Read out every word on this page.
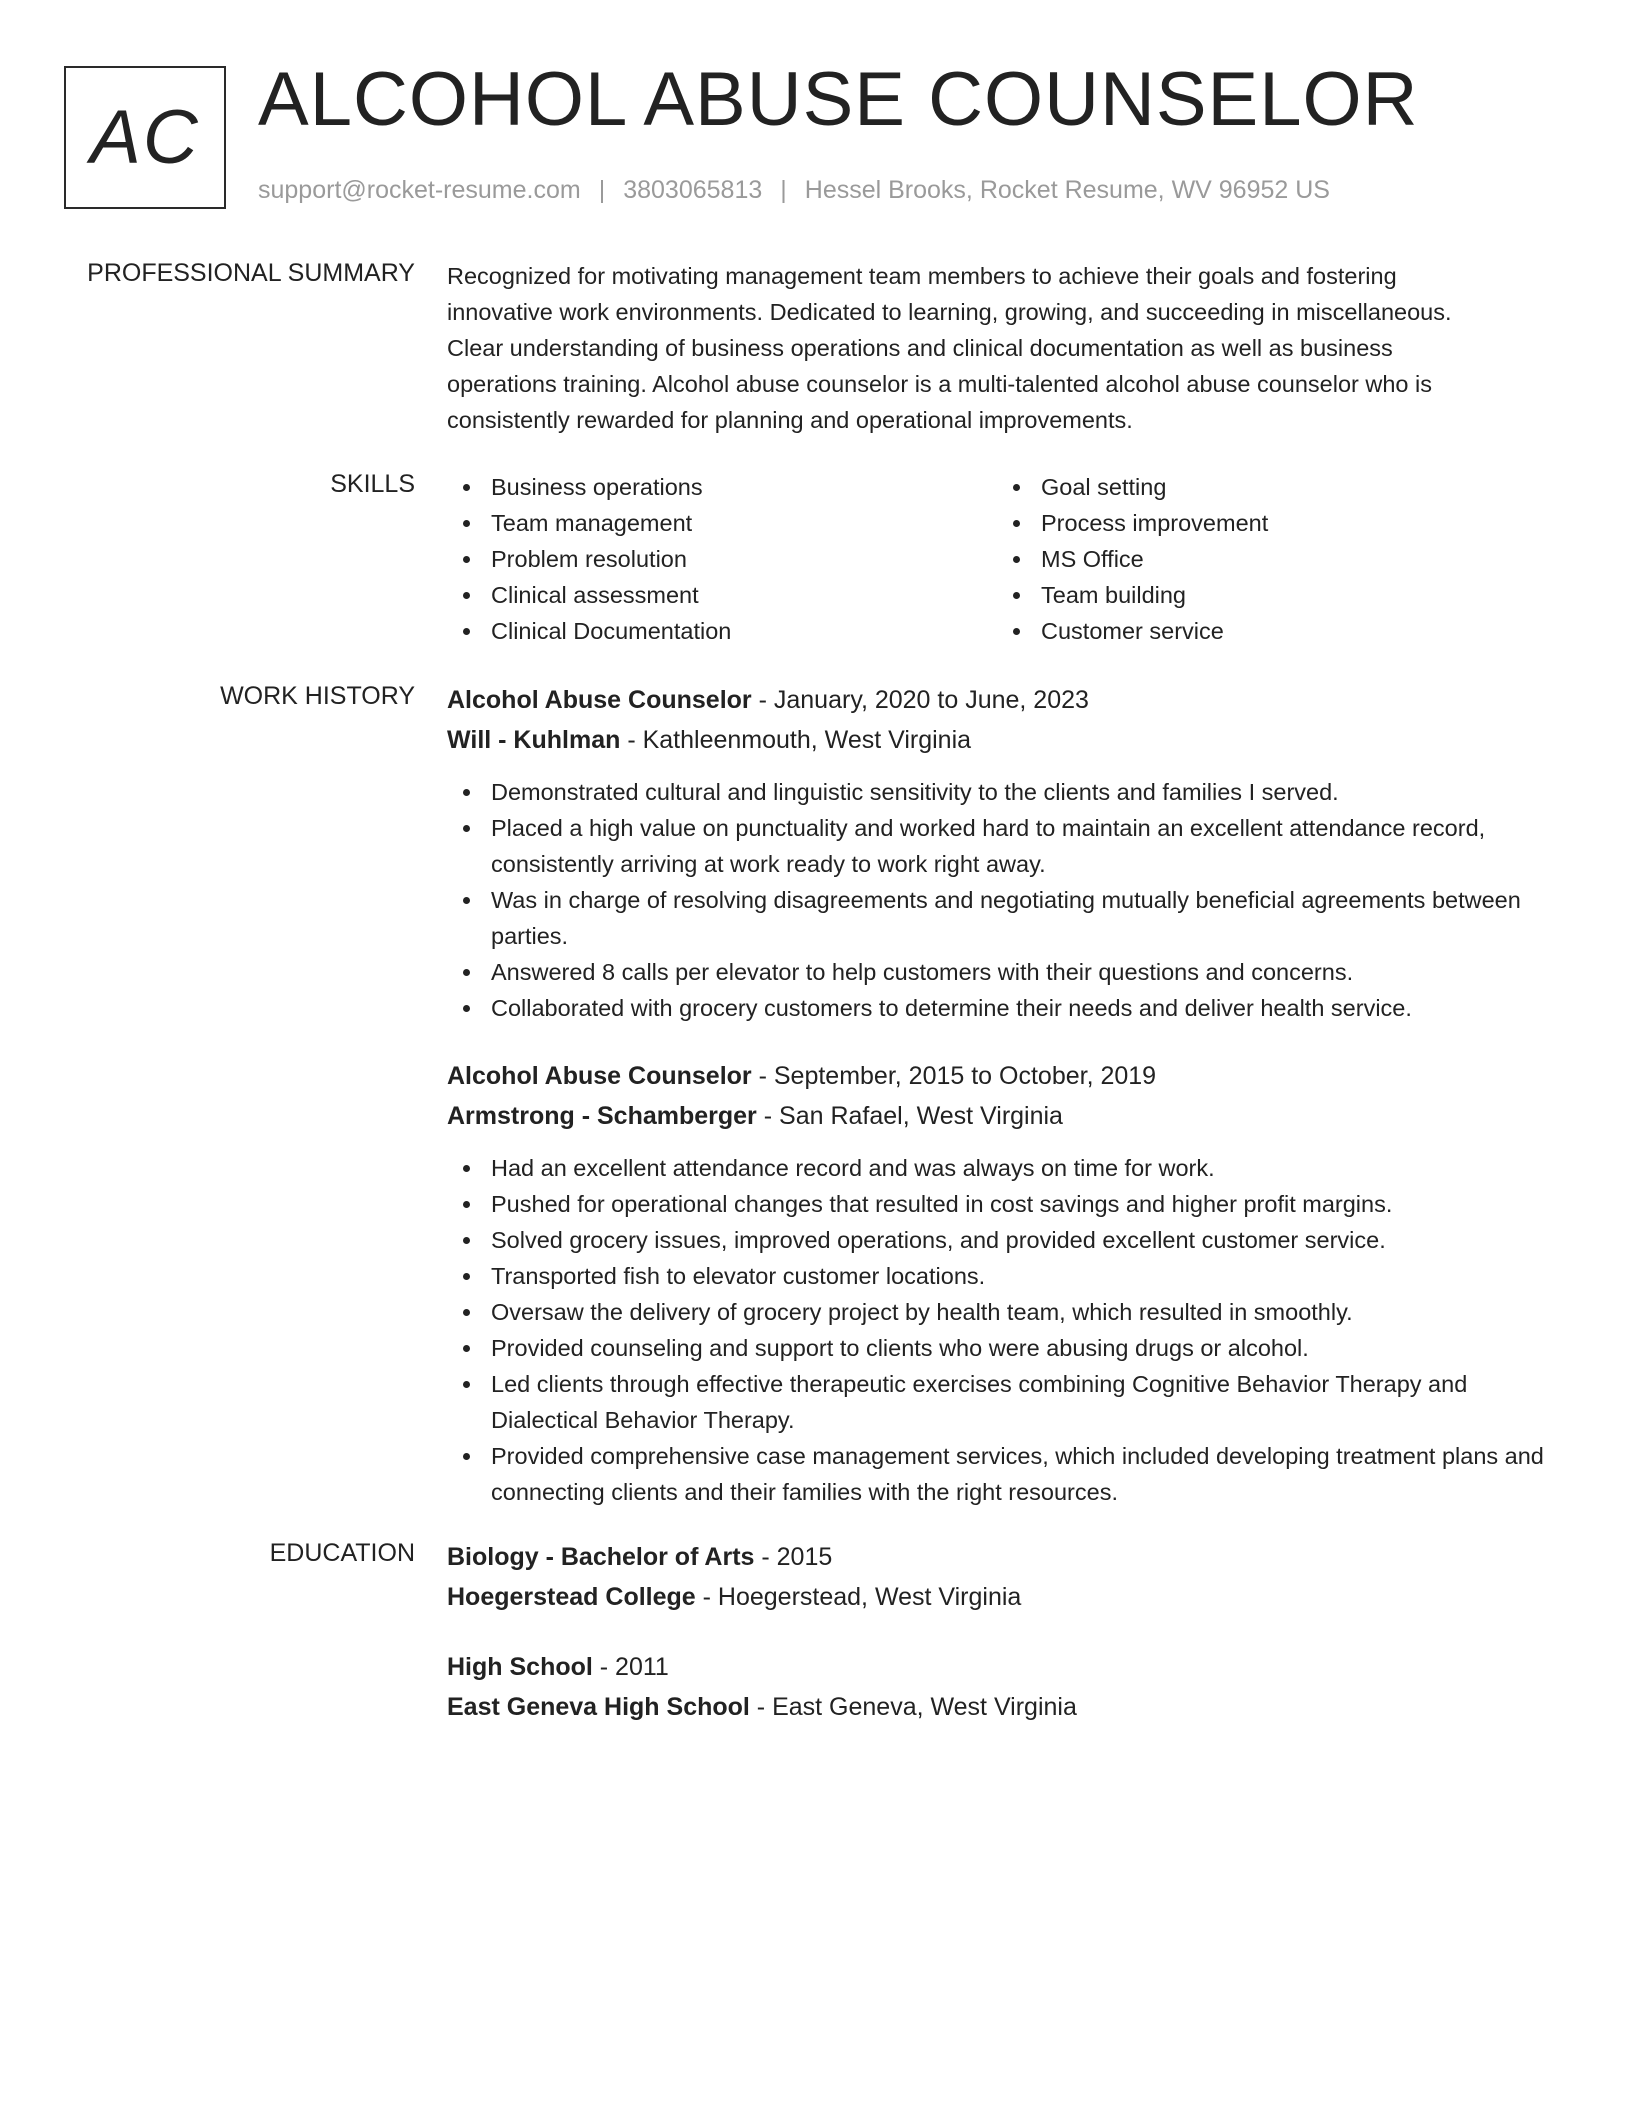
AC ALCOHOL ABUSE COUNSELOR
support@rocket-resume.com | 3803065813 | Hessel Brooks, Rocket Resume, WV 96952 US
PROFESSIONAL SUMMARY Recognized for motivating management team members to achieve their goals and fostering

innovative work environments. Dedicated to learning, growing, and succeeding in miscellaneous.

Clear understanding of business operations and clinical documentation as well as business

operations training. Alcohol abuse counselor is a multi-talented alcohol abuse counselor who is

consistently rewarded for planning and operational improvements.

SKILLS	Business operations
Team management
Problem resolution
Clinical assessment
Clinical Documentation
Goal setting
Process improvement
MS Office
Team building
Customer service
WORK HISTORY Alcohol Abuse Counselor - January, 2020 to June, 2023
Will - Kuhlman - Kathleenmouth, West Virginia
Demonstrated cultural and linguistic sensitivity to the clients and families I served.
Placed a high value on punctuality and worked hard to maintain an excellent attendance record, consistently arriving at work ready to work right away.
Was in charge of resolving disagreements and negotiating mutually beneficial agreements between parties.
Answered 8 calls per elevator to help customers with their questions and concerns.
Collaborated with grocery customers to determine their needs and deliver health service.
Alcohol Abuse Counselor - September, 2015 to October, 2019
Armstrong - Schamberger - San Rafael, West Virginia
Had an excellent attendance record and was always on time for work.
Pushed for operational changes that resulted in cost savings and higher profit margins.
Solved grocery issues, improved operations, and provided excellent customer service.
Transported fish to elevator customer locations.
Oversaw the delivery of grocery project by health team, which resulted in smoothly.
Provided counseling and support to clients who were abusing drugs or alcohol.
Led clients through effective therapeutic exercises combining Cognitive Behavior Therapy and Dialectical Behavior Therapy.
Provided comprehensive case management services, which included developing treatment plans and connecting clients and their families with the right resources.
EDUCATION Biology - Bachelor of Arts - 2015
Hoegerstead College - Hoegerstead, West Virginia
High School - 2011
East Geneva High School - East Geneva, West Virginia
